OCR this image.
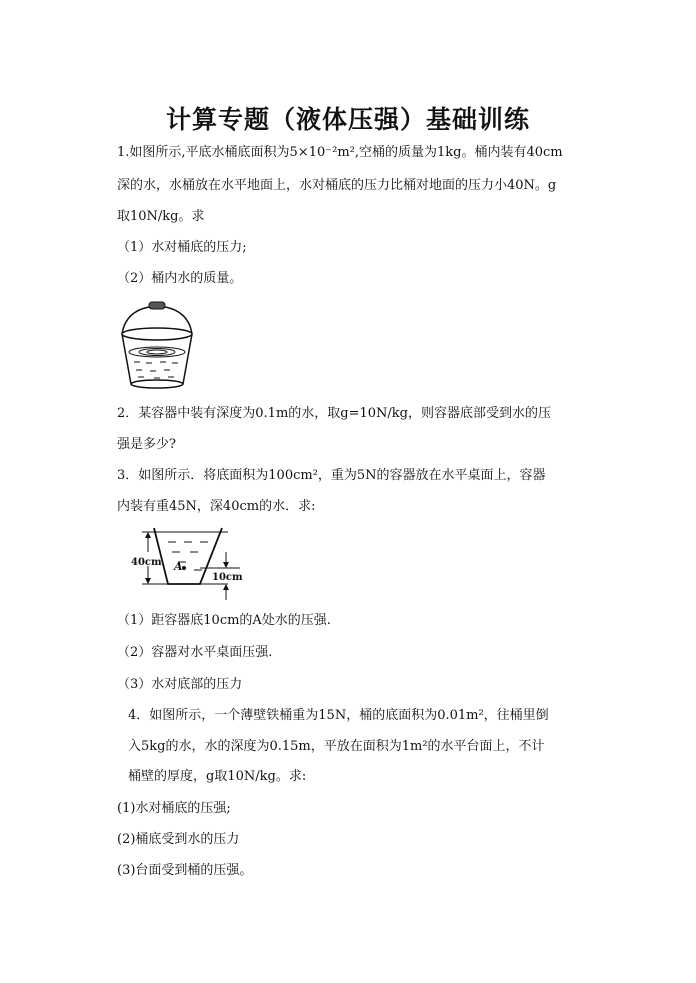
计算专题（液体压强）基础训练
1.如图所示,平底水桶底面积为5×10⁻²m²,空桶的质量为1kg。桶内装有40cm
深的水，水桶放在水平地面上，水对桶底的压力比桶对地面的压力小40N。g
取10N/kg。求
（1）水对桶底的压力;
（2）桶内水的质量。
2．某容器中装有深度为0.1m的水，取g=10N/kg，则容器底部受到水的压
强是多少?
3．如图所示．将底面积为100cm²，重为5N的容器放在水平桌面上，容器
内装有重45N，深40cm的水．求:
40cm A
10cm
（1）距容器底10cm的A处水的压强.
（2）容器对水平桌面压强.
（3）水对底部的压力
4．如图所示，一个薄壁铁桶重为15N，桶的底面积为0.01m²，往桶里倒
入5kg的水，水的深度为0.15m，平放在面积为1m²的水平台面上，不计
桶壁的厚度，g取10N/kg。求:
(1)水对桶底的压强;
(2)桶底受到水的压力
(3)台面受到桶的压强。
